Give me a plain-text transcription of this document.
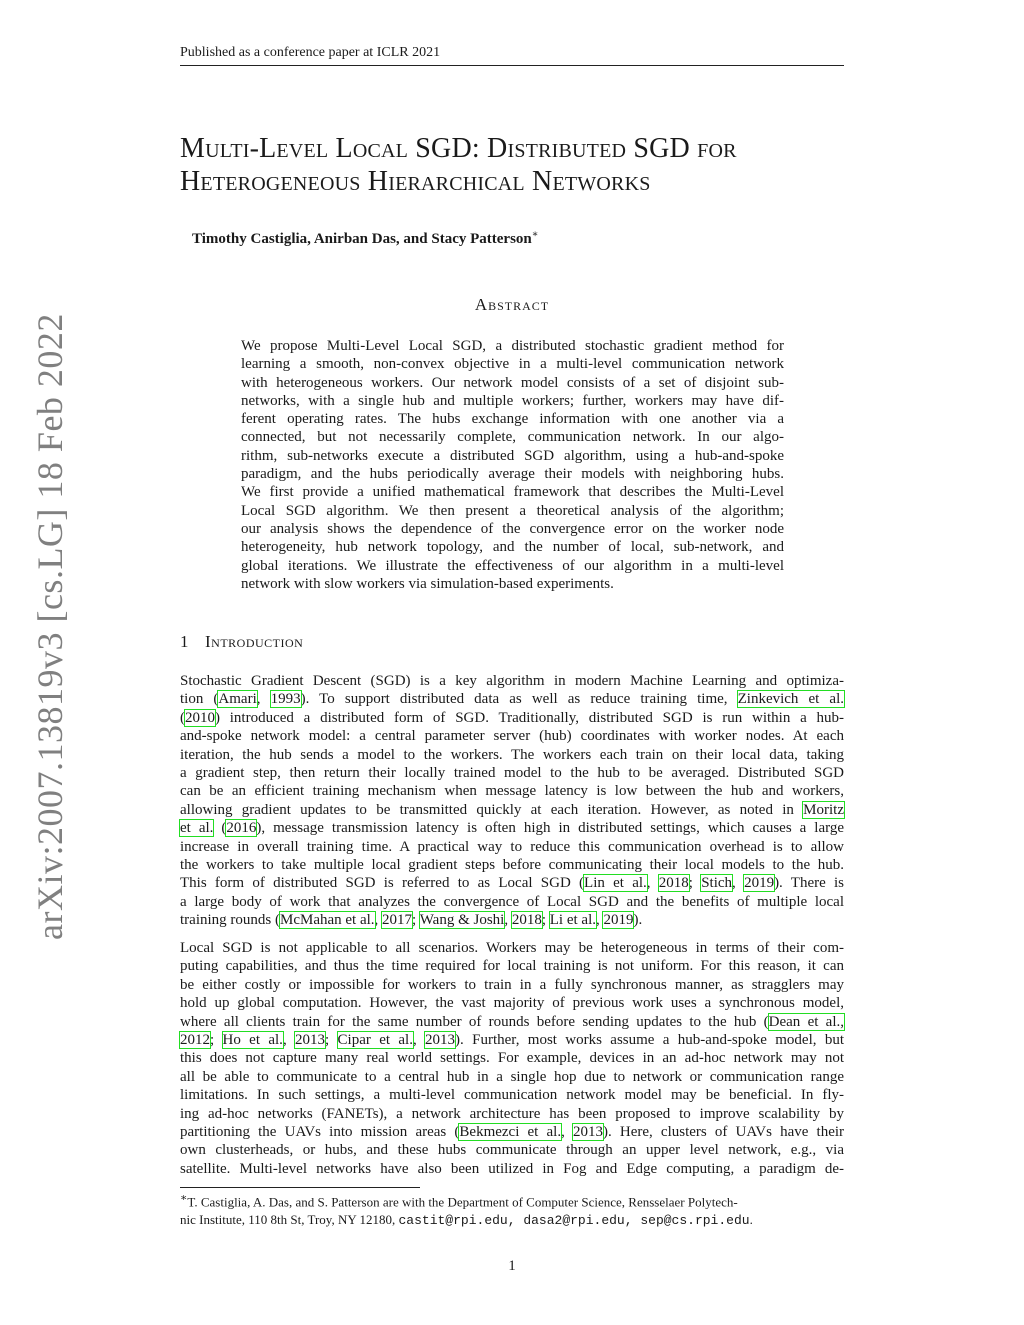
Published as a conference paper at ICLR 2021
arXiv:2007.13819v3 [cs.LG] 18 Feb 2022
Multi-Level Local SGD: Distributed SGD for
Heterogeneous Hierarchical Networks
Timothy Castiglia, Anirban Das, and Stacy Patterson∗
Abstract
We propose Multi-Level Local SGD, a distributed stochastic gradient method for
learning a smooth, non-convex objective in a multi-level communication network
with heterogeneous workers. Our network model consists of a set of disjoint sub-
networks, with a single hub and multiple workers; further, workers may have dif-
ferent operating rates. The hubs exchange information with one another via a
connected, but not necessarily complete, communication network. In our algo-
rithm, sub-networks execute a distributed SGD algorithm, using a hub-and-spoke
paradigm, and the hubs periodically average their models with neighboring hubs.
We first provide a unified mathematical framework that describes the Multi-Level
Local SGD algorithm. We then present a theoretical analysis of the algorithm;
our analysis shows the dependence of the convergence error on the worker node
heterogeneity, hub network topology, and the number of local, sub-network, and
global iterations. We illustrate the effectiveness of our algorithm in a multi-level
network with slow workers via simulation-based experiments.
1 Introduction
Stochastic Gradient Descent (SGD) is a key algorithm in modern Machine Learning and optimiza-
tion (Amari, 1993). To support distributed data as well as reduce training time, Zinkevich et al.
(2010) introduced a distributed form of SGD. Traditionally, distributed SGD is run within a hub-
and-spoke network model: a central parameter server (hub) coordinates with worker nodes. At each
iteration, the hub sends a model to the workers. The workers each train on their local data, taking
a gradient step, then return their locally trained model to the hub to be averaged. Distributed SGD
can be an efficient training mechanism when message latency is low between the hub and workers,
allowing gradient updates to be transmitted quickly at each iteration. However, as noted in Moritz
et al. (2016), message transmission latency is often high in distributed settings, which causes a large
increase in overall training time. A practical way to reduce this communication overhead is to allow
the workers to take multiple local gradient steps before communicating their local models to the hub.
This form of distributed SGD is referred to as Local SGD (Lin et al., 2018; Stich, 2019). There is
a large body of work that analyzes the convergence of Local SGD and the benefits of multiple local
training rounds (McMahan et al., 2017; Wang & Joshi, 2018; Li et al., 2019).
Local SGD is not applicable to all scenarios. Workers may be heterogeneous in terms of their com-
puting capabilities, and thus the time required for local training is not uniform. For this reason, it can
be either costly or impossible for workers to train in a fully synchronous manner, as stragglers may
hold up global computation. However, the vast majority of previous work uses a synchronous model,
where all clients train for the same number of rounds before sending updates to the hub (Dean et al.,
2012; Ho et al., 2013; Cipar et al., 2013). Further, most works assume a hub-and-spoke model, but
this does not capture many real world settings. For example, devices in an ad-hoc network may not
all be able to communicate to a central hub in a single hop due to network or communication range
limitations. In such settings, a multi-level communication network model may be beneficial. In fly-
ing ad-hoc networks (FANETs), a network architecture has been proposed to improve scalability by
partitioning the UAVs into mission areas (Bekmezci et al., 2013). Here, clusters of UAVs have their
own clusterheads, or hubs, and these hubs communicate through an upper level network, e.g., via
satellite. Multi-level networks have also been utilized in Fog and Edge computing, a paradigm de-
∗T. Castiglia, A. Das, and S. Patterson are with the Department of Computer Science, Rensselaer Polytech-
nic Institute, 110 8th St, Troy, NY 12180, castit@rpi.edu, dasa2@rpi.edu, sep@cs.rpi.edu.
1
